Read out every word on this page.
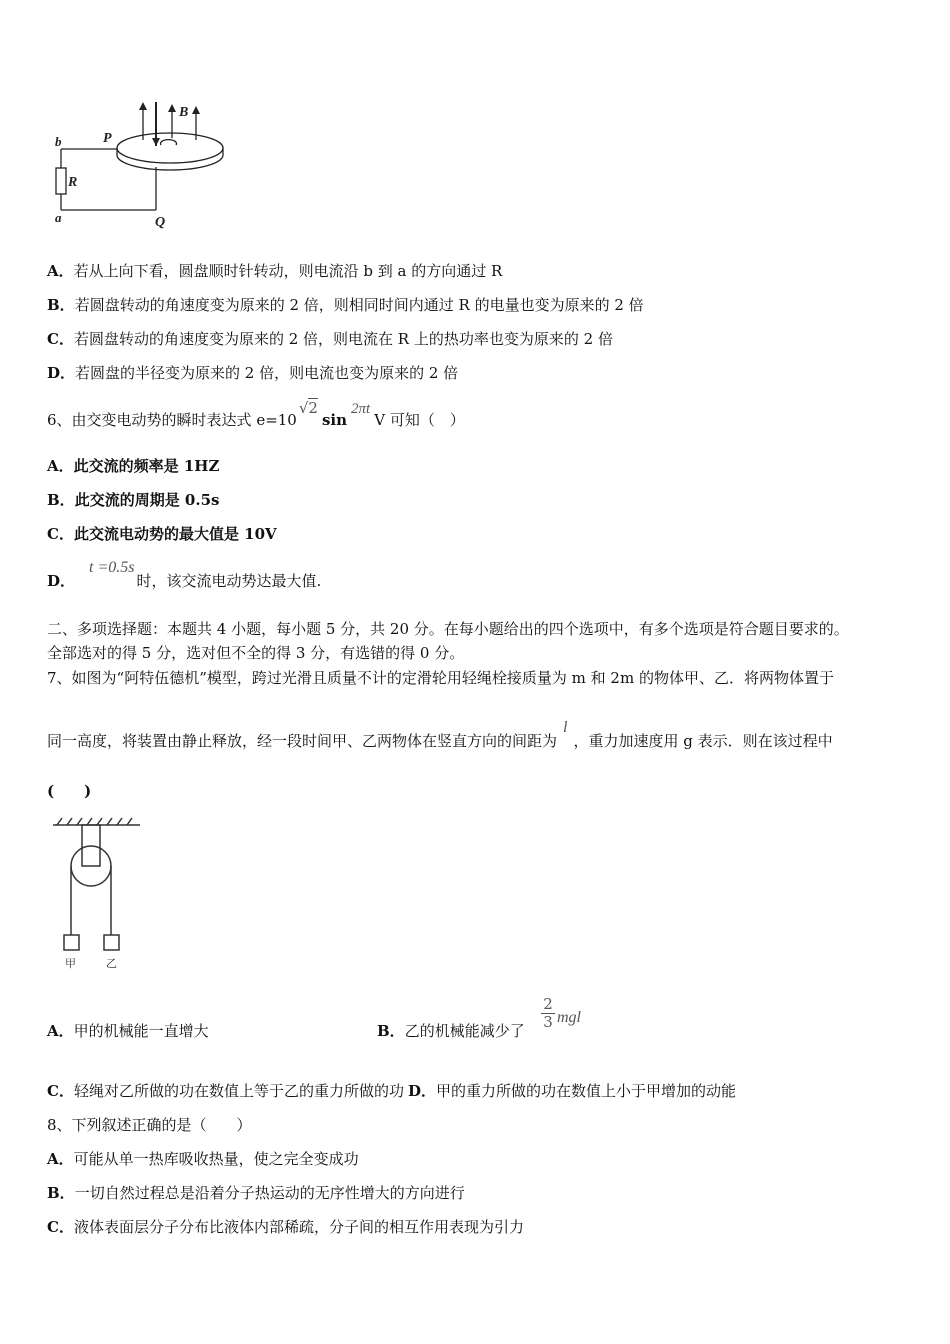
b	P
B
R
a	Q
A．若从上向下看，圆盘顺时针转动，则电流沿 b 到 a 的方向通过 R
B．若圆盘转动的角速度变为原来的 2 倍，则相同时间内通过 R 的电量也变为原来的 2 倍
C．若圆盘转动的角速度变为原来的 2 倍，则电流在 R 上的热功率也变为原来的 2 倍
D．若圆盘的半径变为原来的 2 倍，则电流也变为原来的 2 倍
6、由交变电动势的瞬时表达式 e=10√2sin2πtV 可知（　）
A．此交流的频率是 1HZ
B．此交流的周期是 0.5s
C．此交流电动势的最大值是 10V
D．t =0.5s时，该交流电动势达最大值.
二、多项选择题：本题共 4 小题，每小题 5 分，共 20 分。在每小题给出的四个选项中，有多个选项是符合题目要求的。
全部选对的得 5 分，选对但不全的得 3 分，有选错的得 0 分。
7、如图为“阿特伍德机”模型，跨过光滑且质量不计的定滑轮用轻绳栓接质量为 m 和 2m 的物体甲、乙．将两物体置于
同一高度，将装置由静止释放，经一段时间甲、乙两物体在竖直方向的间距为l，重力加速度用 g 表示．则在该过程中
(　　)
甲	乙
A．甲的机械能一直增大	B．乙的机械能减少了
2
3 mgl
C．轻绳对乙所做的功在数值上等于乙的重力所做的功 D．甲的重力所做的功在数值上小于甲增加的动能
8、下列叙述正确的是（　　）
A．可能从单一热库吸收热量，使之完全变成功
B．一切自然过程总是沿着分子热运动的无序性增大的方向进行
C．液体表面层分子分布比液体内部稀疏，分子间的相互作用表现为引力
